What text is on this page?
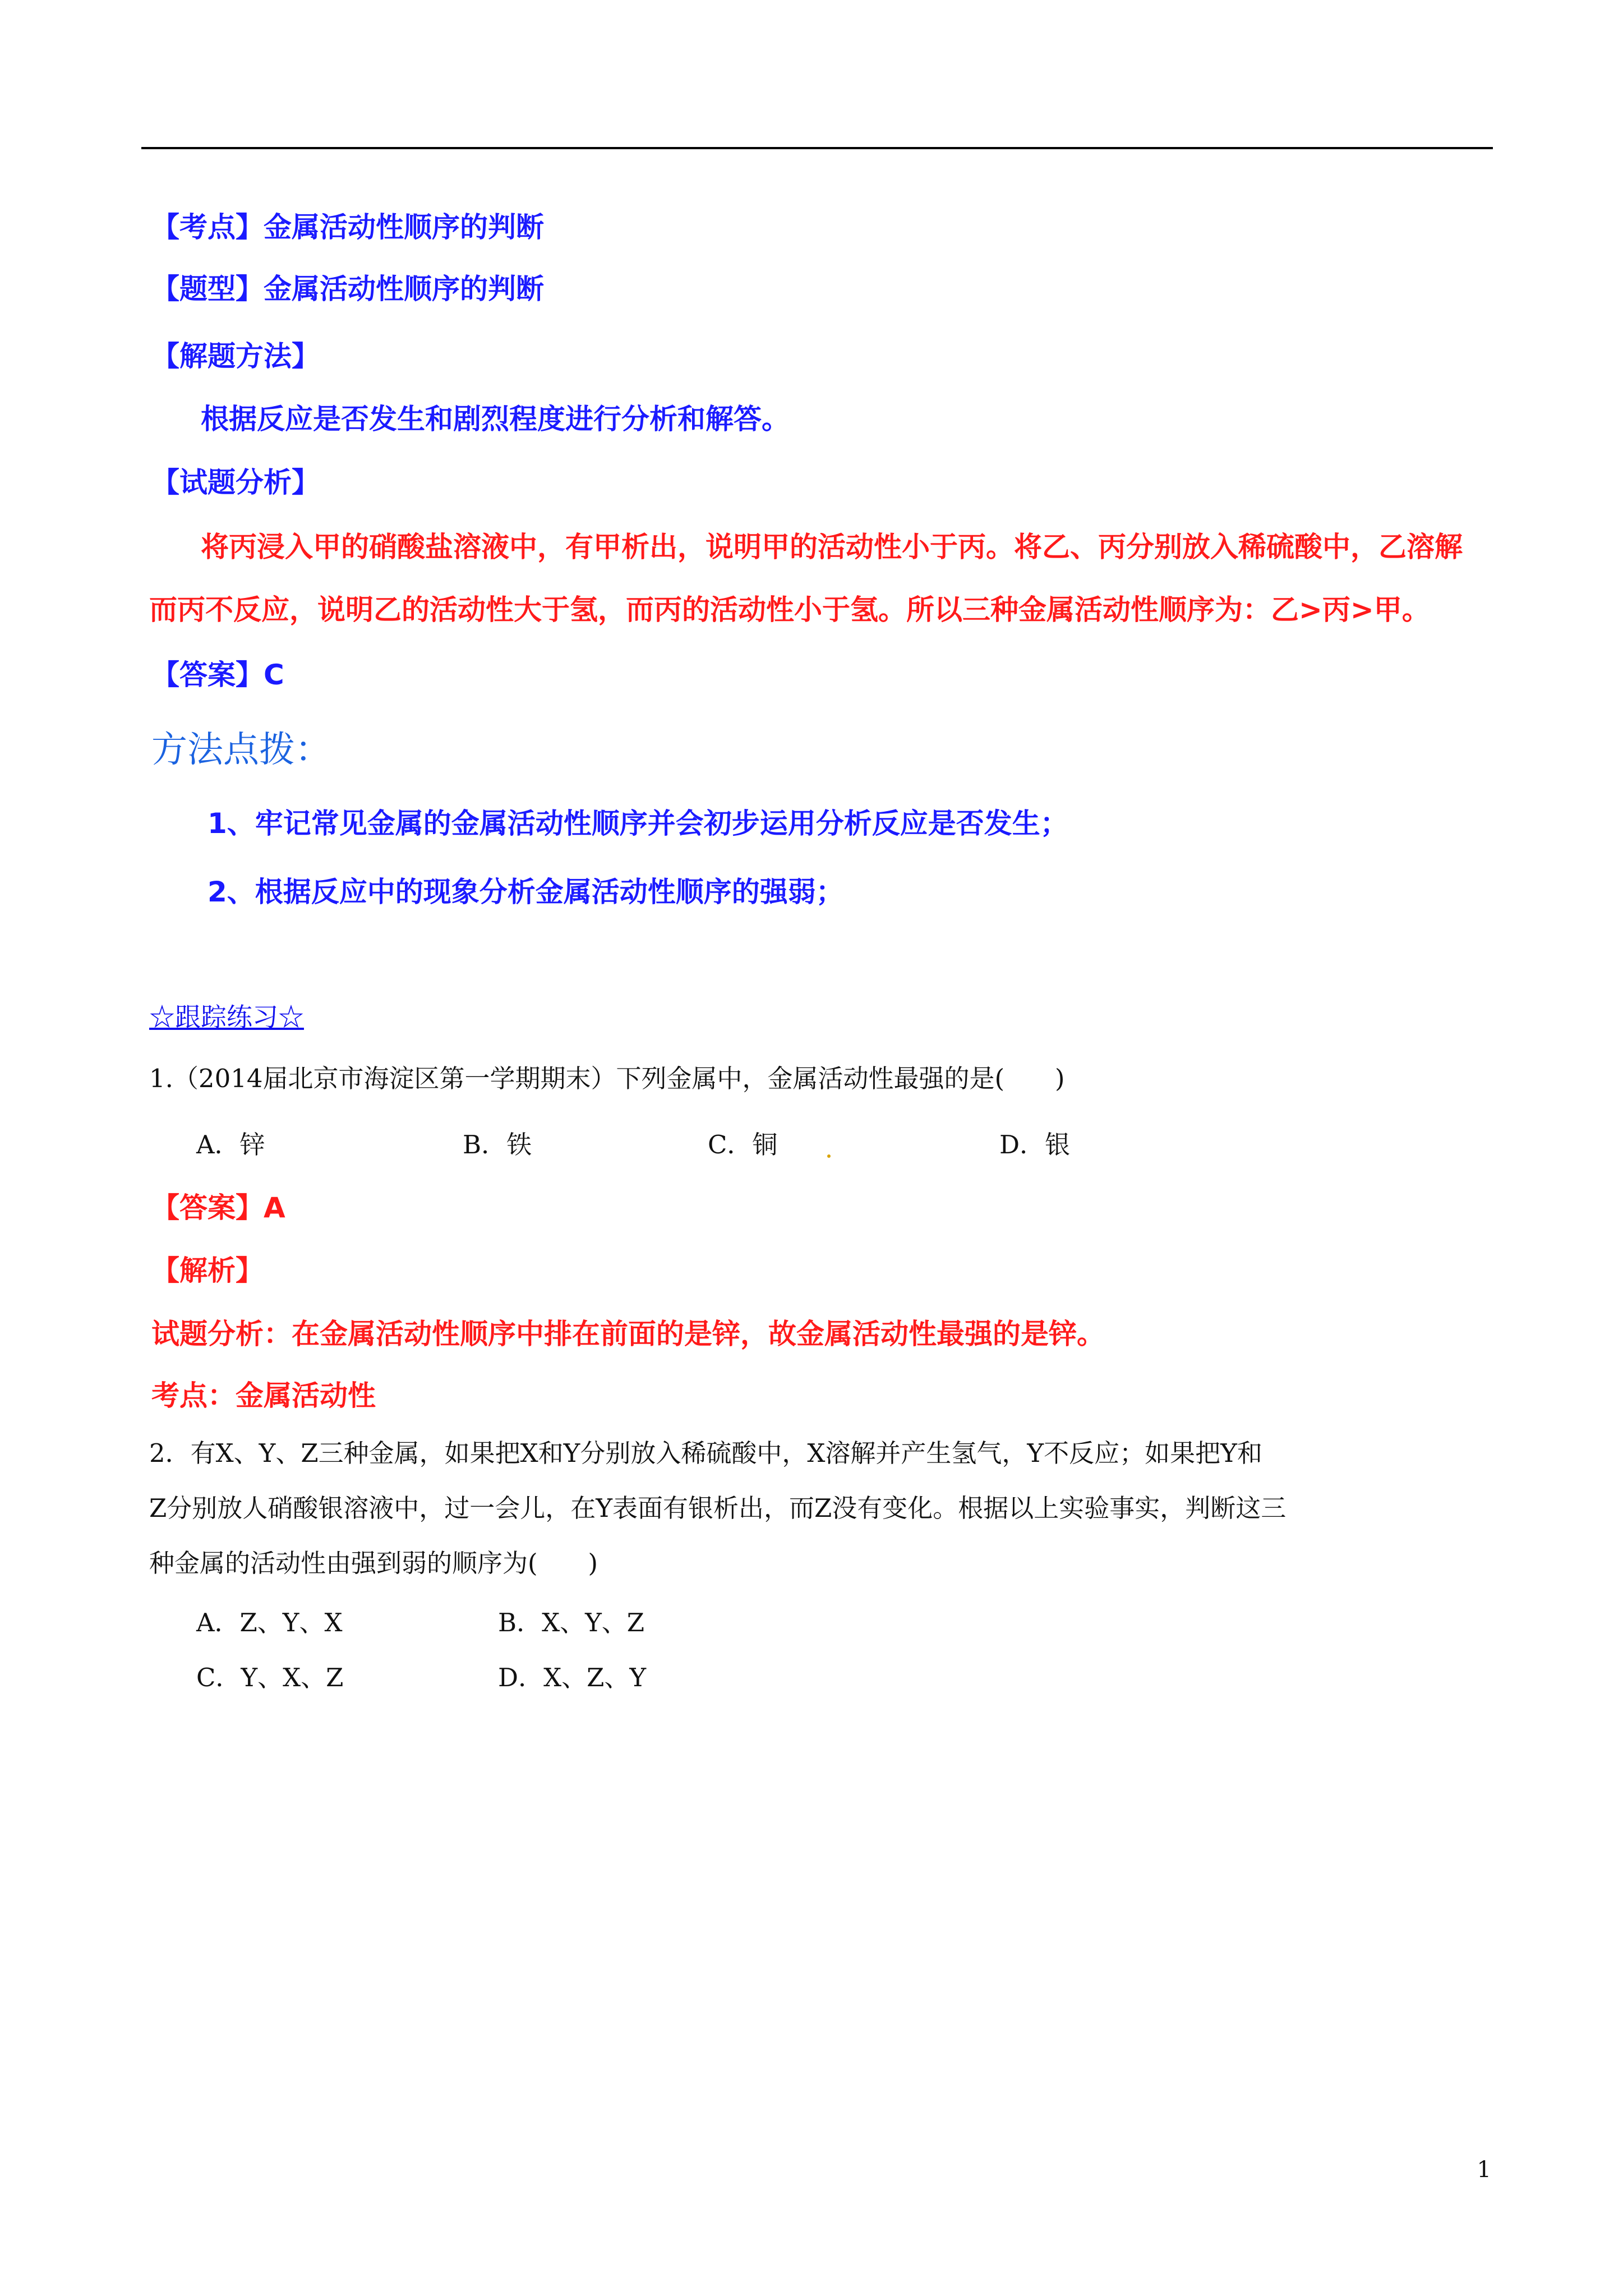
【考点】金属活动性顺序的判断
【题型】金属活动性顺序的判断
【解题方法】
根据反应是否发生和剧烈程度进行分析和解答。
【试题分析】
将丙浸入甲的硝酸盐溶液中，有甲析出，说明甲的活动性小于丙。将乙、丙分别放入稀硫酸中，乙溶解
而丙不反应，说明乙的活动性大于氢，而丙的活动性小于氢。所以三种金属活动性顺序为：乙>丙>甲。
【答案】C
方法点拨：
1、牢记常见金属的金属活动性顺序并会初步运用分析反应是否发生；
2、根据反应中的现象分析金属活动性顺序的强弱；
☆跟踪练习☆
1.（2014届北京市海淀区第一学期期末）下列金属中，金属活动性最强的是(　　)
A．锌	B．铁	C．铜	D．银
【答案】A
【解析】
试题分析：在金属活动性顺序中排在前面的是锌，故金属活动性最强的是锌。
考点：金属活动性
2．有X、Y、Z三种金属，如果把X和Y分别放入稀硫酸中，X溶解并产生氢气，Y不反应；如果把Y和
Z分别放人硝酸银溶液中，过一会儿，在Y表面有银析出，而Z没有变化。根据以上实验事实，判断这三
种金属的活动性由强到弱的顺序为(　　)
A．Z、Y、X	B．X、Y、Z
C．Y、X、Z	D．X、Z、Y
1
